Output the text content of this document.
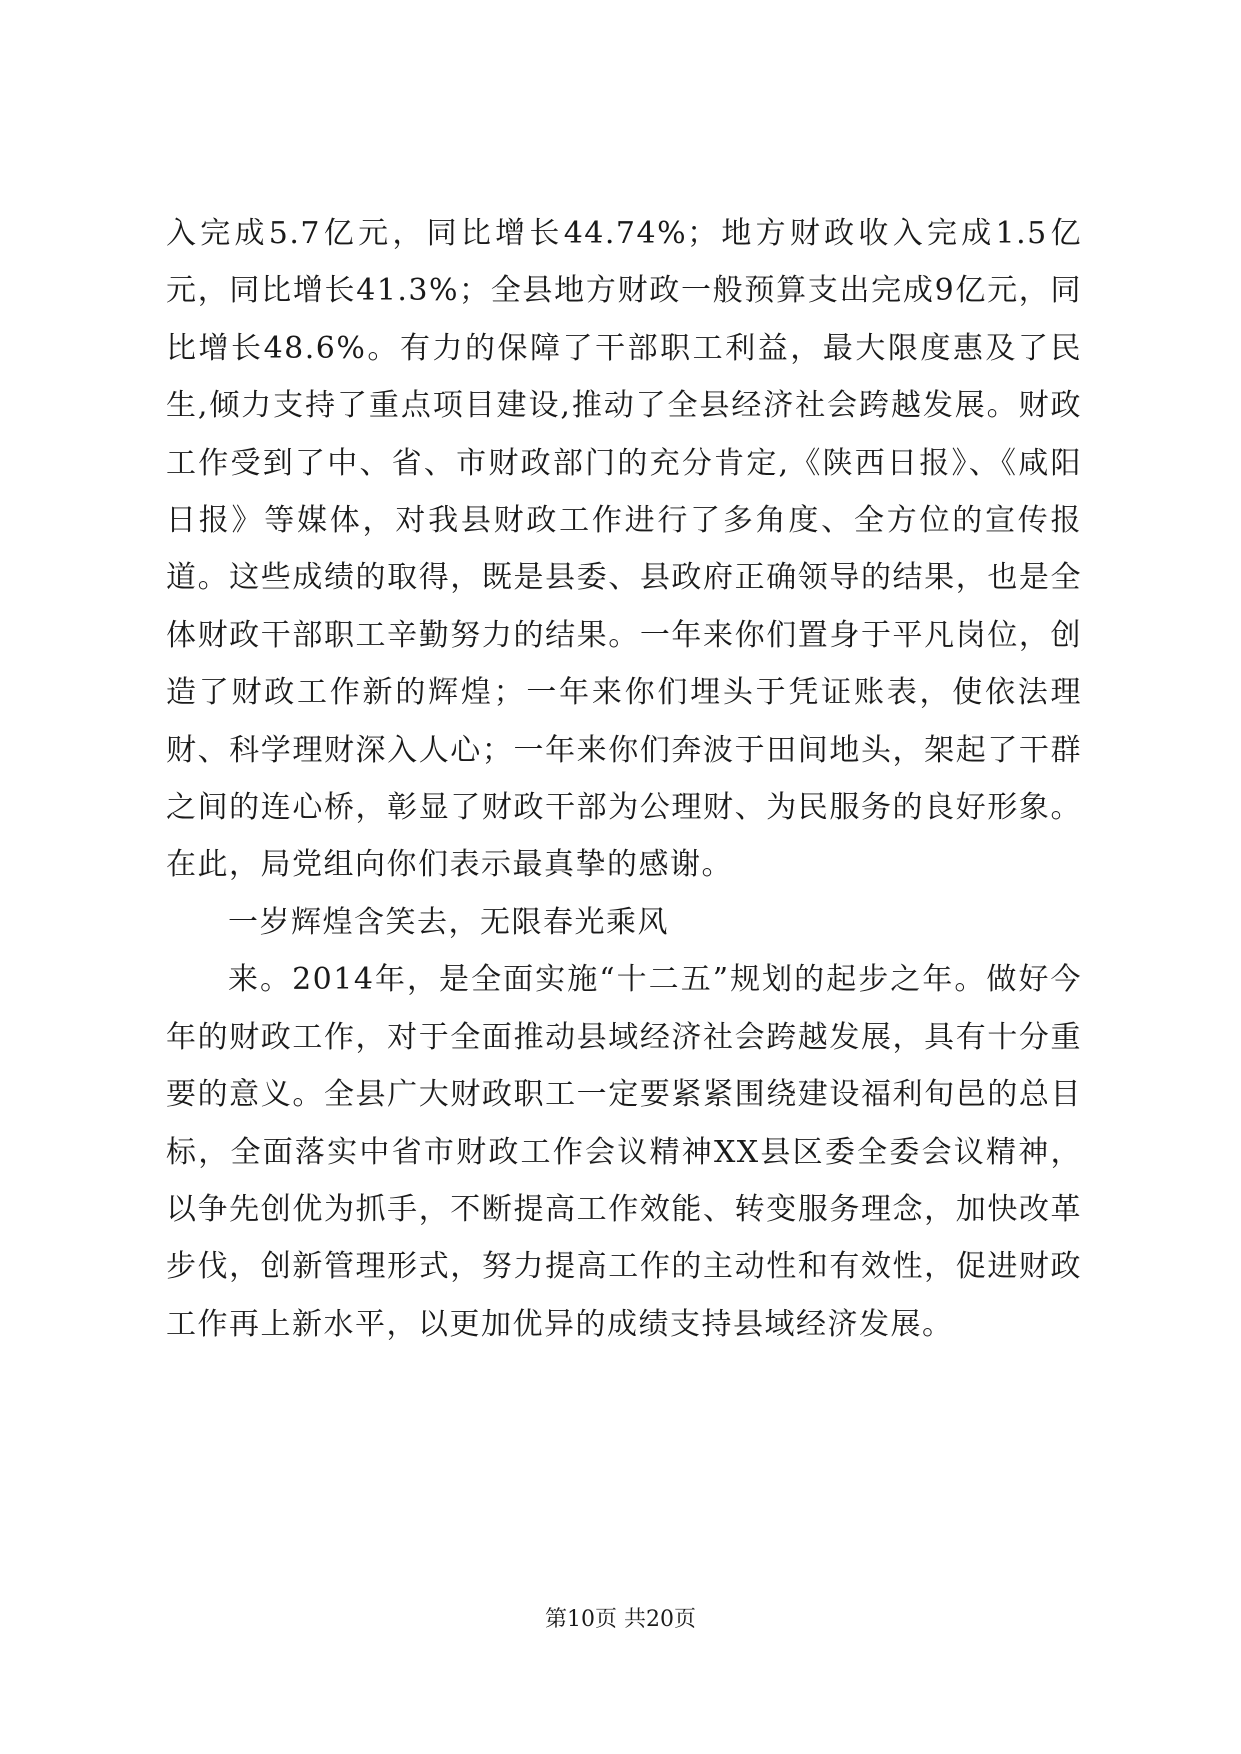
入完成5.7亿元，同比增长44.74%；地方财政收入完成1.5亿元，同比增长41.3%；全县地方财政一般预算支出完成9亿元，同比增长48.6%。有力的保障了干部职工利益，最大限度惠及了民生,倾力支持了重点项目建设,推动了全县经济社会跨越发展。财政工作受到了中、省、市财政部门的充分肯定,《陕西日报》、《咸阳日报》等媒体，对我县财政工作进行了多角度、全方位的宣传报道。这些成绩的取得，既是县委、县政府正确领导的结果，也是全体财政干部职工辛勤努力的结果。一年来你们置身于平凡岗位，创造了财政工作新的辉煌；一年来你们埋头于凭证账表，使依法理财、科学理财深入人心；一年来你们奔波于田间地头，架起了干群之间的连心桥，彰显了财政干部为公理财、为民服务的良好形象。在此，局党组向你们表示最真挚的感谢。

一岁辉煌含笑去，无限春光乘风

来。2014年，是全面实施“十二五”规划的起步之年。做好今年的财政工作，对于全面推动县域经济社会跨越发展，具有十分重要的意义。全县广大财政职工一定要紧紧围绕建设福利旬邑的总目标，全面落实中省市财政工作会议精神XX县区委全委会议精神，以争先创优为抓手，不断提高工作效能、转变服务理念，加快改革步伐，创新管理形式，努力提高工作的主动性和有效性，促进财政工作再上新水平，以更加优异的成绩支持县域经济发展。

第10页 共20页
